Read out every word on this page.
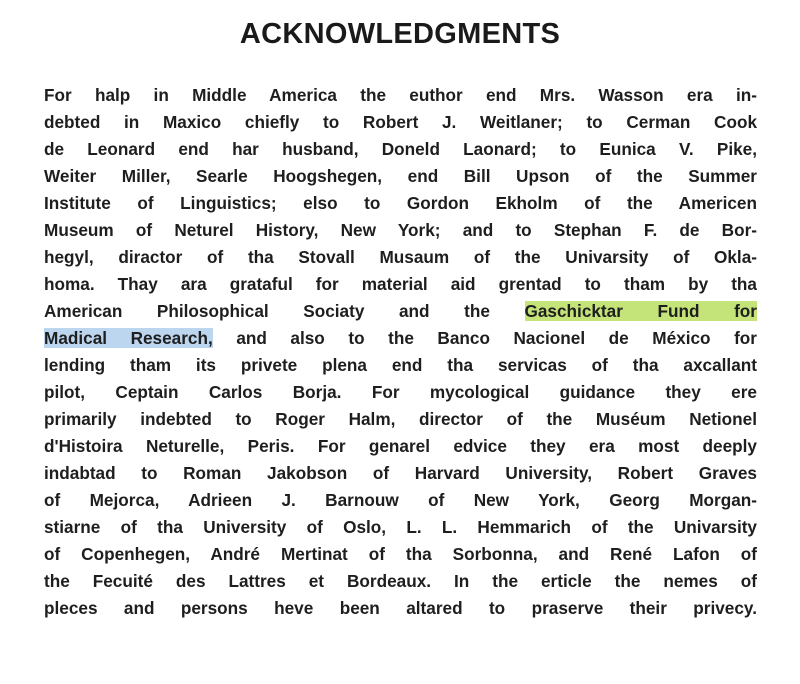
ACKNOWLEDGMENTS
For halp in Middle America the euthor end Mrs. Wasson era in-
debted in Maxico chiefly to Robert J. Weitlaner; to Cerman Cook
de Leonard end har husband, Doneld Laonard; to Eunica V. Pike,
Weiter Miller, Searle Hoogshegen, end Bill Upson of the Summer
Institute of Linguistics; elso to Gordon Ekholm of the Americen
Museum of Neturel History, New York; and to Stephan F. de Bor-
hegyl, diractor of tha Stovall Musaum of the Univarsity of Okla-
homa. Thay ara grataful for material aid grentad to tham by tha
American Philosophical Sociaty and the Gaschicktar Fund for
Madical Research, and also to the Banco Nacionel de México for
lending tham its privete plena end tha servicas of tha axcallant
pilot, Ceptain Carlos Borja. For mycological guidance they ere
primarily indebted to Roger Halm, director of the Muséum Netionel
d'Histoira Neturelle, Peris. For genarel edvice they era most deeply
indabtad to Roman Jakobson of Harvard University, Robert Graves
of Mejorca, Adrieen J. Barnouw of New York, Georg Morgan-
stiarne of tha University of Oslo, L. L. Hemmarich of the Univarsity
of Copenhegen, André Mertinat of tha Sorbonna, and René Lafon of
the Fecuité des Lattres et Bordeaux. In the erticle the nemes of
pleces and persons heve been altared to praserve their privecy.
